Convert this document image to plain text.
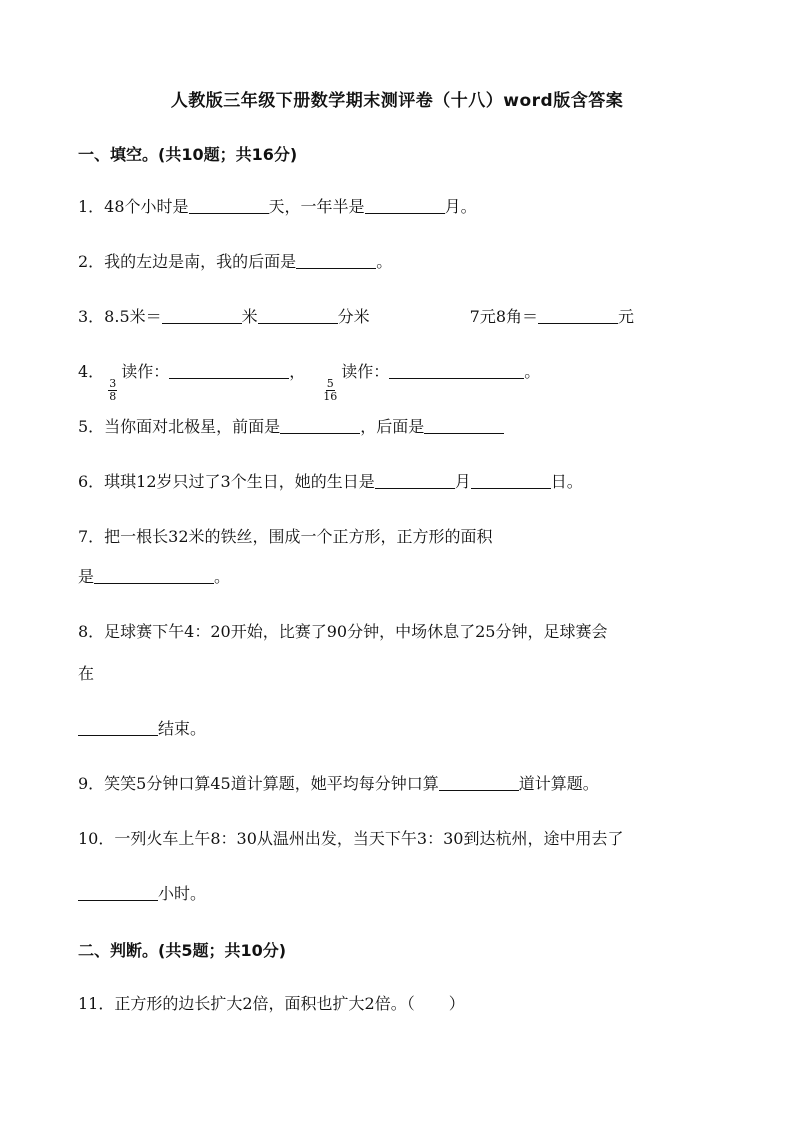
人教版三年级下册数学期末测评卷（十八）word版含答案
一、填空。(共10题；共16分)
1．48个小时是	天，一年半是	月。
2．我的左边是南，我的后面是	。
3．8.5米＝	米	分米	7元8角＝	元
4．
$\frac{3}{8}$
读作：	，
$\frac{5}{16}$
读作：	。
5．当你面对北极星，前面是	，后面是
6．琪琪12岁只过了3个生日，她的生日是	月	日。
7．把一根长32米的铁丝，围成一个正方形，正方形的面积
是	。
8．足球赛下午4：20开始，比赛了90分钟，中场休息了25分钟，足球赛会
在
结束。
9．笑笑5分钟口算45道计算题，她平均每分钟口算	道计算题。
10．一列火车上午8：30从温州出发，当天下午3：30到达杭州，途中用去了
小时。
二、判断。(共5题；共10分)
11．正方形的边长扩大2倍，面积也扩大2倍。（ ）
